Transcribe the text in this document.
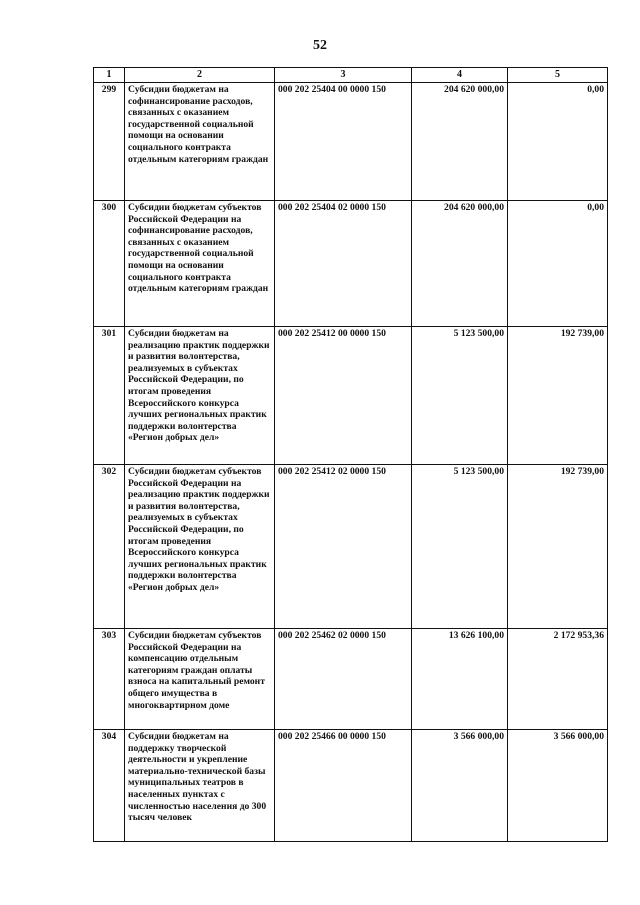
52
1	2	3	4	5
299	Субсидии бюджетам на софинансирование расходов, связанных с оказанием государственной социальной помощи на основании социального контракта отдельным категориям граждан	000 202 25404 00 0000 150	204 620 000,00	0,00
300	Субсидии бюджетам субъектов Российской Федерации на софинансирование расходов, связанных с оказанием государственной социальной помощи на основании социального контракта отдельным категориям граждан	000 202 25404 02 0000 150	204 620 000,00	0,00
301	Субсидии бюджетам на реализацию практик поддержки и развития волонтерства, реализуемых в субъектах Российской Федерации, по итогам проведения Всероссийского конкурса лучших региональных практик поддержки волонтерства «Регион добрых дел»	000 202 25412 00 0000 150	5 123 500,00	192 739,00
302	Субсидии бюджетам субъектов Российской Федерации на реализацию практик поддержки и развития волонтерства, реализуемых в субъектах Российской Федерации, по итогам проведения Всероссийского конкурса лучших региональных практик поддержки волонтерства «Регион добрых дел»	000 202 25412 02 0000 150	5 123 500,00	192 739,00
303	Субсидии бюджетам субъектов Российской Федерации на компенсацию отдельным категориям граждан оплаты взноса на капитальный ремонт общего имущества в многоквартирном доме	000 202 25462 02 0000 150	13 626 100,00	2 172 953,36
304	Субсидии бюджетам на поддержку творческой деятельности и укрепление материально-технической базы муниципальных театров в населенных пунктах с численностью населения до 300 тысяч человек	000 202 25466 00 0000 150	3 566 000,00	3 566 000,00
